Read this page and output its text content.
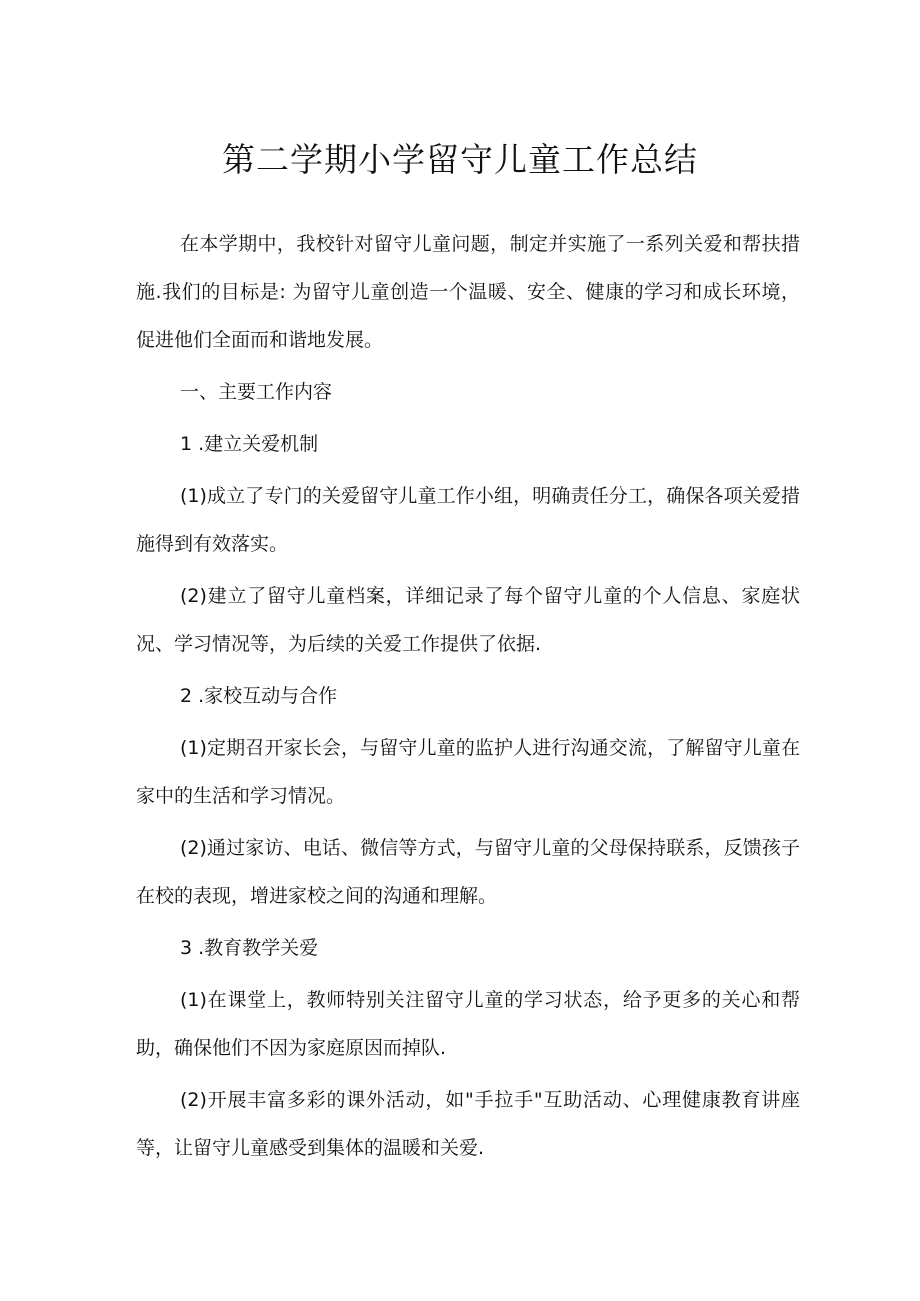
第二学期小学留守儿童工作总结

在本学期中，我校针对留守儿童问题，制定并实施了一系列关爱和帮扶措施.我们的目标是: 为留守儿童创造一个温暖、安全、健康的学习和成长环境，促进他们全面而和谐地发展。

一、主要工作内容

1 .建立关爱机制

(1)成立了专门的关爱留守儿童工作小组，明确责任分工，确保各项关爱措施得到有效落实。

(2)建立了留守儿童档案，详细记录了每个留守儿童的个人信息、家庭状况、学习情况等，为后续的关爱工作提供了依据.

2 .家校互动与合作

(1)定期召开家长会，与留守儿童的监护人进行沟通交流，了解留守儿童在家中的生活和学习情况。

(2)通过家访、电话、微信等方式，与留守儿童的父母保持联系，反馈孩子在校的表现，增进家校之间的沟通和理解。

3 .教育教学关爱

(1)在课堂上，教师特别关注留守儿童的学习状态，给予更多的关心和帮助，确保他们不因为家庭原因而掉队.

(2)开展丰富多彩的课外活动，如"手拉手"互助活动、心理健康教育讲座等，让留守儿童感受到集体的温暖和关爱.
